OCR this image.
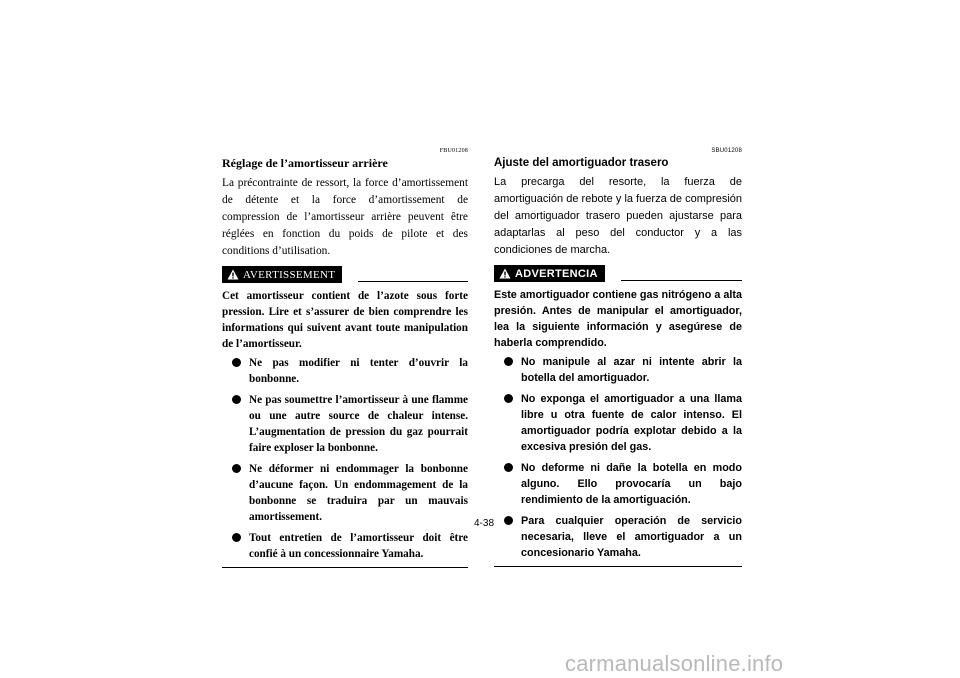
FBU01208
Réglage de l’amortisseur arrière

La précontrainte de ressort, la force d’amortissement de détente et la force d’amortissement de compression de l’amortisseur arrière peuvent être réglées en fonction du poids de pilote et des conditions d’utilisation.

AVERTISSEMENT

Cet amortisseur contient de l’azote sous forte pression. Lire et s’assurer de bien comprendre les informations qui suivent avant toute manipulation de l’amortisseur.

Ne pas modifier ni tenter d’ouvrir la bonbonne.
Ne pas soumettre l’amortisseur à une flamme ou une autre source de chaleur intense. L’augmentation de pression du gaz pourrait faire exploser la bonbonne.
Ne déformer ni endommager la bonbonne d’aucune façon. Un endommagement de la bonbonne se traduira par un mauvais amortissement.
Tout entretien de l’amortisseur doit être confié à un concessionnaire Yamaha.
SBU01208
Ajuste del amortiguador trasero

La precarga del resorte, la fuerza de amortiguación de rebote y la fuerza de compresión del amortiguador trasero pueden ajustarse para adaptarlas al peso del conductor y a las condiciones de marcha.

ADVERTENCIA

Este amortiguador contiene gas nitrógeno a alta presión. Antes de manipular el amortiguador, lea la siguiente información y asegúrese de haberla comprendido.

No manipule al azar ni intente abrir la botella del amortiguador.
No exponga el amortiguador a una llama libre u otra fuente de calor intenso. El amortiguador podría explotar debido a la excesiva presión del gas.
No deforme ni dañe la botella en modo alguno. Ello provocaría un bajo rendimiento de la amortiguación.
Para cualquier operación de servicio necesaria, lleve el amortiguador a un concesionario Yamaha.
4-38
carmanualsonline.info
